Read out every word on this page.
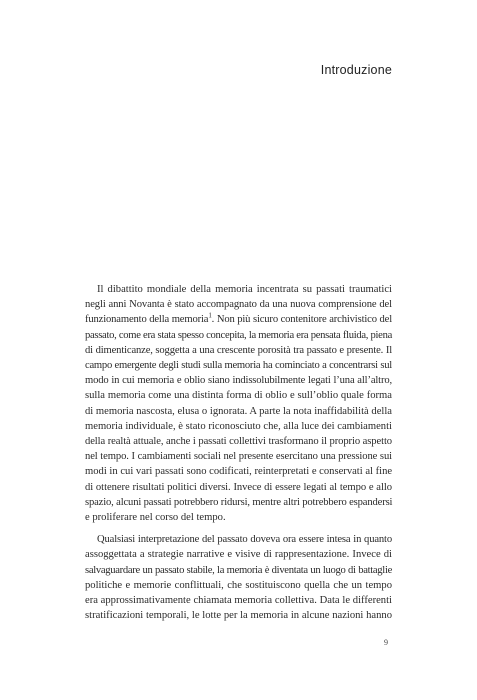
Introduzione

Il dibattito mondiale della memoria incentrata su passati traumatici
negli anni Novanta è stato accompagnato da una nuova comprensione del
funzionamento della memoria$^1$. Non più sicuro contenitore archivistico del
passato, come era stata spesso concepita, la memoria era pensata fluida, piena
di dimenticanze, soggetta a una crescente porosità tra passato e presente. Il
campo emergente degli studi sulla memoria ha cominciato a concentrarsi sul
modo in cui memoria e oblio siano indissolubilmente legati l’una all’altro,
sulla memoria come una distinta forma di oblio e sull’oblio quale forma
di memoria nascosta, elusa o ignorata. A parte la nota inaffidabilità della
memoria individuale, è stato riconosciuto che, alla luce dei cambiamenti
della realtà attuale, anche i passati collettivi trasformano il proprio aspetto
nel tempo. I cambiamenti sociali nel presente esercitano una pressione sui
modi in cui vari passati sono codificati, reinterpretati e conservati al fine
di ottenere risultati politici diversi. Invece di essere legati al tempo e allo
spazio, alcuni passati potrebbero ridursi, mentre altri potrebbero espandersi
e proliferare nel corso del tempo.

Qualsiasi interpretazione del passato doveva ora essere intesa in quanto
assoggettata a strategie narrative e visive di rappresentazione. Invece di
salvaguardare un passato stabile, la memoria è diventata un luogo di battaglie
politiche e memorie conflittuali, che sostituiscono quella che un tempo
era approssimativamente chiamata memoria collettiva. Data le differenti
stratificazioni temporali, le lotte per la memoria in alcune nazioni hanno

9
